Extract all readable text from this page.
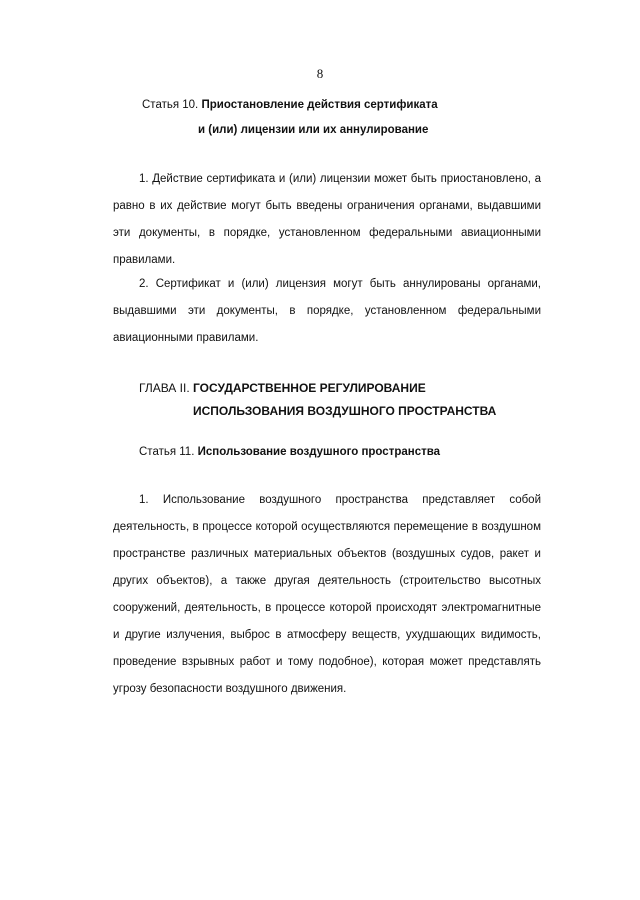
8
Статья 10. Приостановление действия сертификата
и (или) лицензии или их аннулирование
1. Действие сертификата и (или) лицензии может быть приостановлено, а
равно в их действие могут быть введены ограничения органами, выдавшими
эти документы, в порядке, установленном федеральными авиационными
правилами.
2. Сертификат и (или) лицензия могут быть аннулированы органами,
выдавшими эти документы, в порядке, установленном федеральными
авиационными правилами.
ГЛАВА II. ГОСУДАРСТВЕННОЕ РЕГУЛИРОВАНИЕ
ИСПОЛЬЗОВАНИЯ ВОЗДУШНОГО ПРОСТРАНСТВА
Статья 11. Использование воздушного пространства
1. Использование воздушного пространства представляет собой
деятельность, в процессе которой осуществляются перемещение в воздушном
пространстве различных материальных объектов (воздушных судов, ракет и
других объектов), а также другая деятельность (строительство высотных
сооружений, деятельность, в процессе которой происходят электромагнитные
и другие излучения, выброс в атмосферу веществ, ухудшающих видимость,
проведение взрывных работ и тому подобное), которая может представлять
угрозу безопасности воздушного движения.
